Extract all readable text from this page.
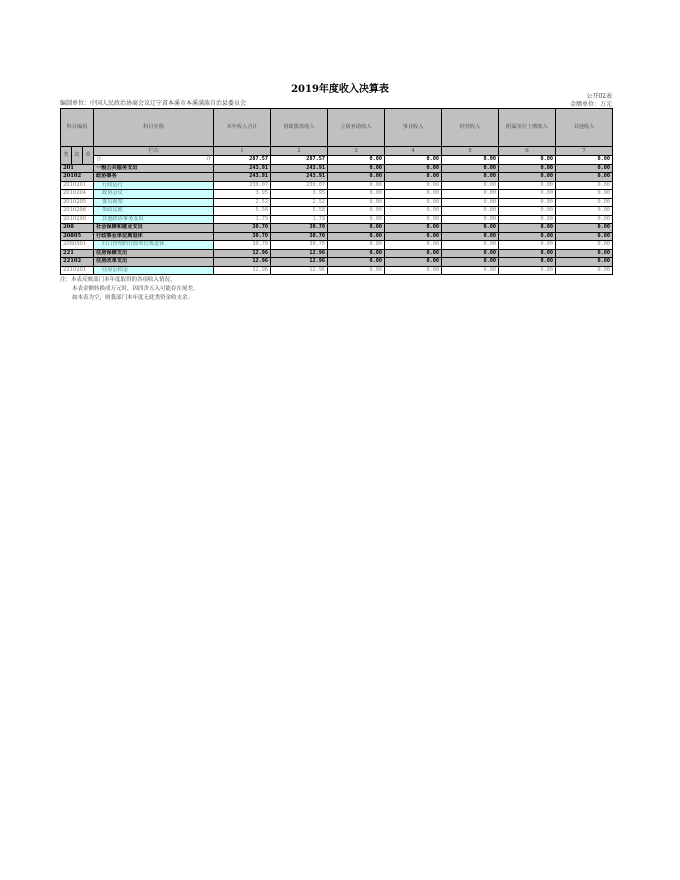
2019年度收入决算表
公开02表
编制单位：中国人民政治协商会议辽宁省本溪市本溪满族自治县委员会	金额单位：万元
科目编码			科目名称	本年收入合计	财政拨款收入	上级补助收入	事业收入	经营收入	附属单位上缴收入	其他收入
类	款	项	栏次	1	2	3	4	5	6	7

			合 计	287.57	287.57	0.00	0.00	0.00	0.00	0.00
201			一般公共服务支出	243.91	243.91	0.00	0.00	0.00	0.00	0.00
20102			政协事务	243.91	243.91	0.00	0.00	0.00	0.00	0.00
2010201			行政运行	230.07	230.07	0.00	0.00	0.00	0.00	0.00
2010204			政协会议	3.95	3.95	0.00	0.00	0.00	0.00	0.00
2010205			委员视察	2.52	2.52	0.00	0.00	0.00	0.00	0.00
2010206			参政议政	5.58	5.58	0.00	0.00	0.00	0.00	0.00
2010299			其他政协事务支出	1.79	1.79	0.00	0.00	0.00	0.00	0.00
208			社会保障和就业支出	30.70	30.70	0.00	0.00	0.00	0.00	0.00
20805			行政事业单位离退休	30.70	30.70	0.00	0.00	0.00	0.00	0.00
2080501			归口管理的行政单位离退休	30.70	30.70	0.00	0.00	0.00	0.00	0.00
221			住房保障支出	12.96	12.96	0.00	0.00	0.00	0.00	0.00
22102			住房改革支出	12.96	12.96	0.00	0.00	0.00	0.00	0.00
2210201			住房公积金	12.96	12.96	0.00	0.00	0.00	0.00	0.00
注：本表反映部门本年度取得的各项收入情况。
本表金额转换成万元时，因四舍五入可能存在尾差。
如本表为空，则我部门本年度无此类资金收支余。
